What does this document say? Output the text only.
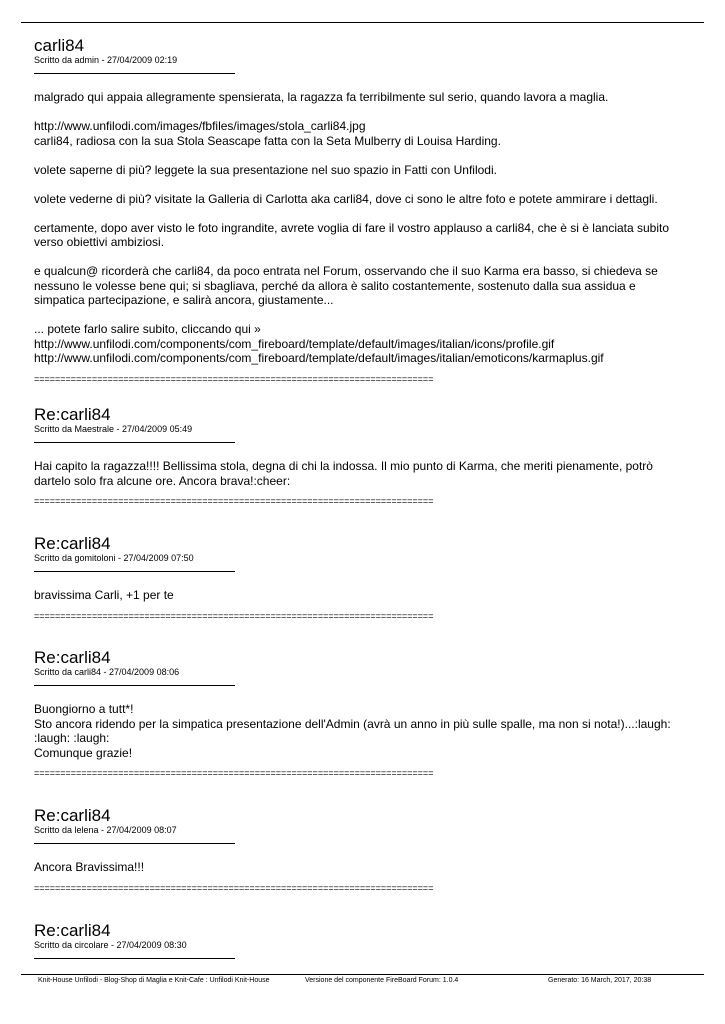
carli84
Scritto da admin - 27/04/2009 02:19

malgrado qui appaia allegramente spensierata, la ragazza fa terribilmente sul serio, quando lavora a maglia.

http://www.unfilodi.com/images/fbfiles/images/stola_carli84.jpg
carli84, radiosa con la sua Stola Seascape fatta con la Seta Mulberry di Louisa Harding.

volete saperne di più? leggete la sua presentazione nel suo spazio in Fatti con Unfilodi.

volete vederne di più? visitate la Galleria di Carlotta aka carli84, dove ci sono le altre foto e potete ammirare i dettagli.

certamente, dopo aver visto le foto ingrandite, avrete voglia di fare il vostro applauso a carli84, che è si è lanciata subito
verso obiettivi ambiziosi.

e qualcun@ ricorderà che carli84, da poco entrata nel Forum, osservando che il suo Karma era basso, si chiedeva se
nessuno le volesse bene qui; si sbagliava, perché da allora è salito costantemente, sostenuto dalla sua assidua e
simpatica partecipazione, e salirà ancora, giustamente...

... potete farlo salire subito, cliccando qui »
http://www.unfilodi.com/components/com_fireboard/template/default/images/italian/icons/profile.gif
http://www.unfilodi.com/components/com_fireboard/template/default/images/italian/emoticons/karmaplus.gif

============================================================================
Re:carli84
Scritto da Maestrale - 27/04/2009 05:49

Hai capito la ragazza!!!! Bellissima stola, degna di chi la indossa. Il mio punto di Karma, che meriti pienamente, potrò
dartelo solo fra alcune ore. Ancora brava!:cheer:

============================================================================
Re:carli84
Scritto da gomitoloni - 27/04/2009 07:50

bravissima Carli, +1 per te

============================================================================
Re:carli84
Scritto da carli84 - 27/04/2009 08:06

Buongiorno a tutt*!
Sto ancora ridendo per la simpatica presentazione dell'Admin (avrà un anno in più sulle spalle, ma non si nota!)...:laugh:
:laugh: :laugh:
Comunque grazie!

============================================================================
Re:carli84
Scritto da lelena - 27/04/2009 08:07

Ancora Bravissima!!!

============================================================================
Re:carli84
Scritto da circolare - 27/04/2009 08:30
Knit-House Unfilodi - Blog-Shop di Maglia e Knit-Cafe : Unfilodi Knit-House	Versione del componente FireBoard Forum: 1.0.4	Generato: 16 March, 2017, 20:38
